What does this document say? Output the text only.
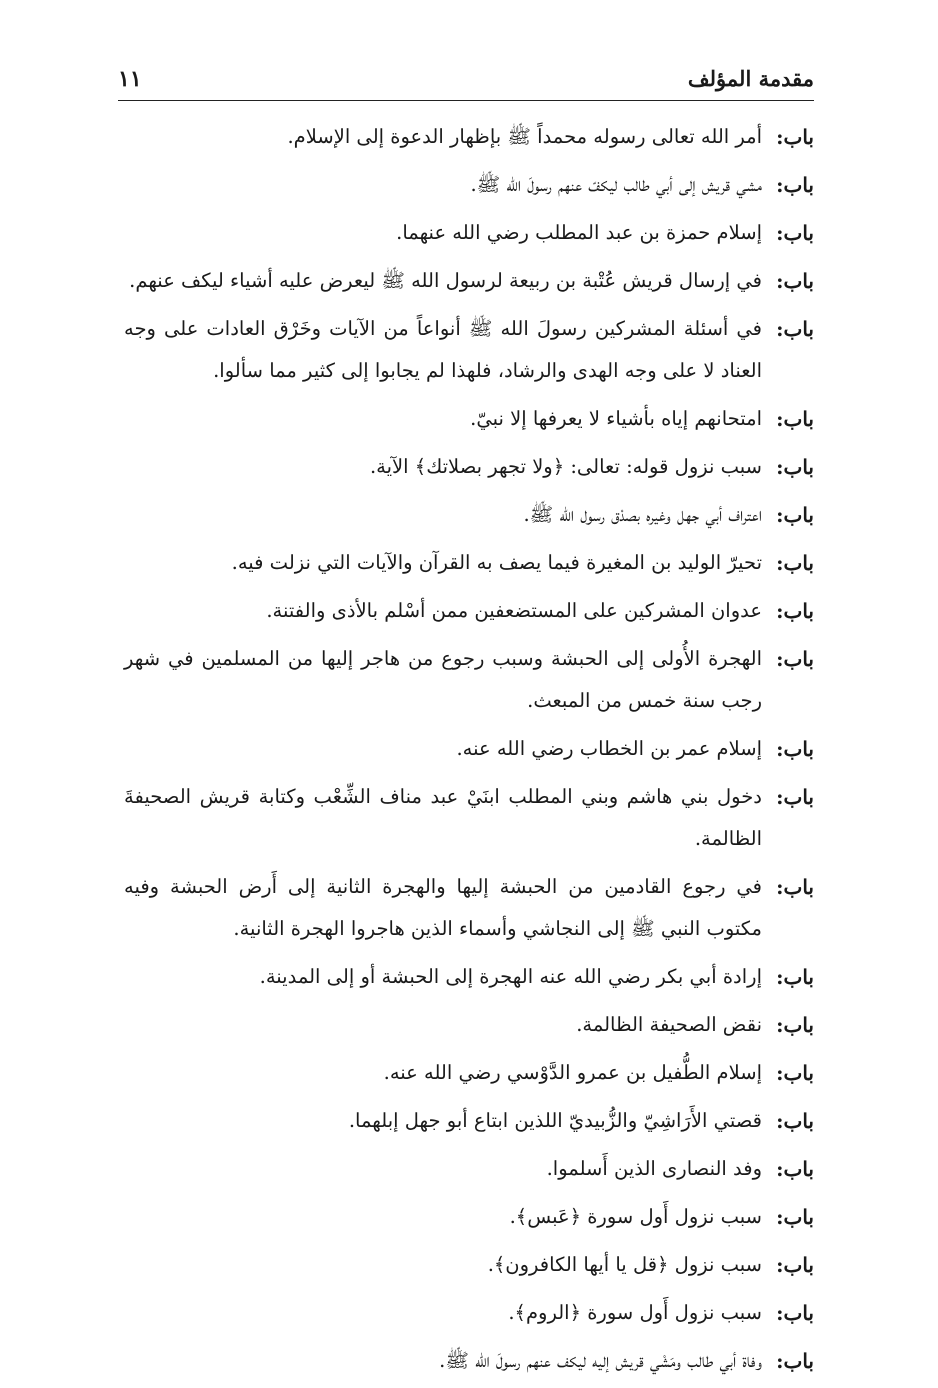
مقدمة المؤلف
١١
باب:
أمر الله تعالى رسوله محمداً ﷺ بإظهار الدعوة إلى الإسلام.
باب:
مشي قريش إلى أبي طالب ليكفّ عنهم رسولَ الله ﷺ.
باب:
إسلام حمزة بن عبد المطلب رضي الله عنهما.
باب:
في إرسال قريش عُتْبة بن ربيعة لرسول الله ﷺ ليعرض عليه أشياء ليكف عنهم.
باب:
في أسئلة المشركين رسولَ الله ﷺ أنواعاً من الآيات وخَرْق العادات على وجه العناد لا على وجه الهدى والرشاد، فلهذا لم يجابوا إلى كثير مما سألوا.
باب:
امتحانهم إياه بأشياء لا يعرفها إلا نبيّ.
باب:
سبب نزول قوله: تعالى: ﴿ولا تجهر بصلاتك﴾ الآية.
باب:
اعتراف أبي جهل وغيره بصدْق رسول الله ﷺ.
باب:
تحيرّ الوليد بن المغيرة فيما يصف به القرآن والآيات التي نزلت فيه.
باب:
عدوان المشركين على المستضعفين ممن أسْلم بالأذى والفتنة.
باب:
الهجرة الأُولى إلى الحبشة وسبب رجوع من هاجر إليها من المسلمين في شهر رجب سنة خمس من المبعث.
باب:
إسلام عمر بن الخطاب رضي الله عنه.
باب:
دخول بني هاشم وبني المطلب ابنَيْ عبد مناف الشِّعْب وكتابة قريش الصحيفةَ الظالمة.
باب:
في رجوع القادمين من الحبشة إليها والهجرة الثانية إلى أَرض الحبشة وفيه مكتوب النبي ﷺ إلى النجاشي وأسماء الذين هاجروا الهجرة الثانية.
باب:
إرادة أبي بكر رضي الله عنه الهجرة إلى الحبشة أو إلى المدينة.
باب:
نقض الصحيفة الظالمة.
باب:
إسلام الطُّفيل بن عمرو الدَّوْسي رضي الله عنه.
باب:
قصتي الأَرَاشِيّ والزُّبيديّ اللذين ابتاع أبو جهل إبلهما.
باب:
وفد النصارى الذين أَسلموا.
باب:
سبب نزول أَول سورة ﴿عَبس﴾.
باب:
سبب نزول ﴿قل يا أيها الكافرون﴾.
باب:
سبب نزول أَول سورة ﴿الروم﴾.
باب:
وفاة أبي طالب ومَشْي قريش إليه ليكف عنهم رسولَ الله ﷺ.
